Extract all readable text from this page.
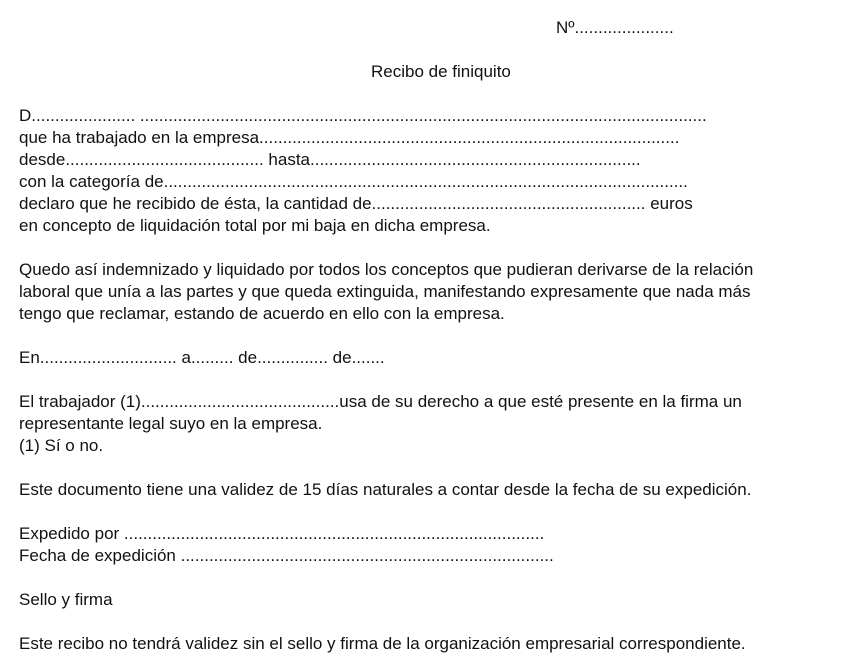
Nº.....................
Recibo de finiquito
D...................... ........................................................................................................................
que ha trabajado en la empresa.........................................................................................
desde.......................................... hasta......................................................................
con la categoría de...............................................................................................................
declaro que he recibido de ésta, la cantidad de.......................................................... euros
en concepto de liquidación total por mi baja en dicha empresa.
Quedo así indemnizado y liquidado por todos los conceptos que pudieran derivarse de la relación
laboral que unía a las partes y que queda extinguida, manifestando expresamente que nada más
tengo que reclamar, estando de acuerdo en ello con la empresa.
En............................. a......... de............... de.......
El trabajador (1)..........................................usa de su derecho a que esté presente en la firma un
representante legal suyo en la empresa.
(1) Sí o no.
Este documento tiene una validez de 15 días naturales a contar desde la fecha de su expedición.
Expedido por .........................................................................................
Fecha de expedición ...............................................................................
Sello y firma
Este recibo no tendrá validez sin el sello y firma de la organización empresarial correspondiente.
